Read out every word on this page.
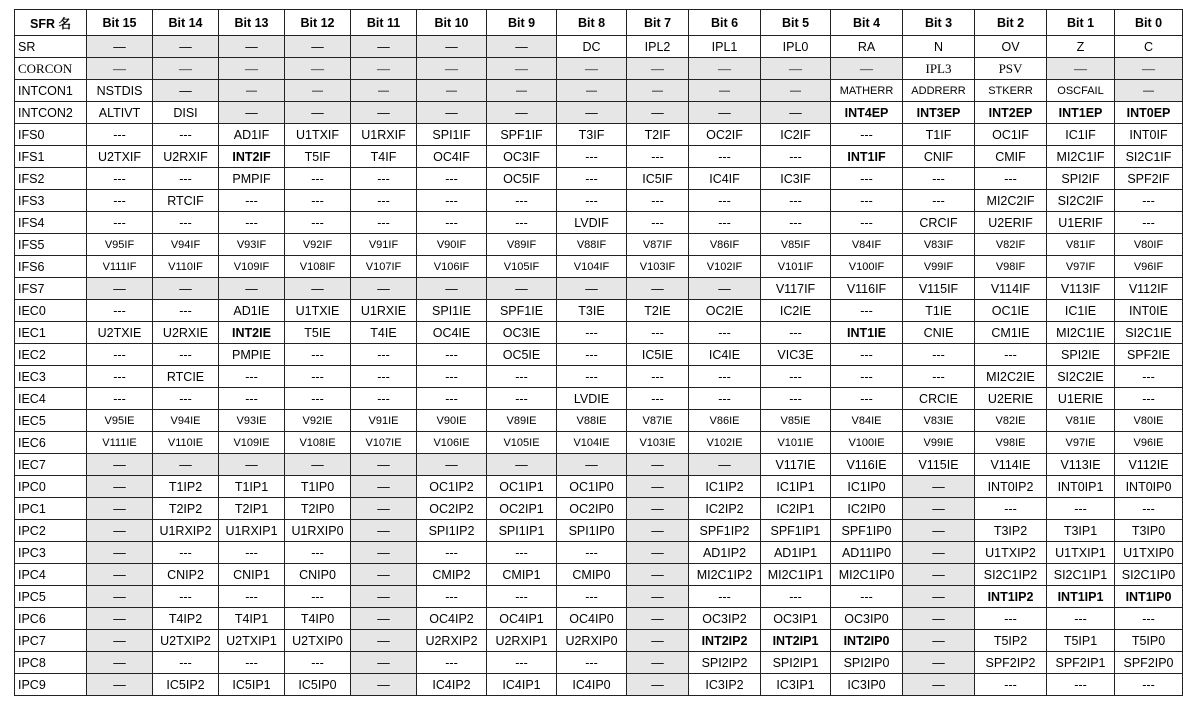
SFR 名	Bit 15	Bit 14	Bit 13	Bit 12	Bit 11	Bit 10	Bit 9	Bit 8	Bit 7	Bit 6	Bit 5	Bit 4	Bit 3	Bit 2	Bit 1	Bit 0
SR	—	—	—	—	—	—	—	DC	IPL2	IPL1	IPL0	RA	N	OV	Z	C
CORCON	—	—	—	—	—	—	—	—	—	—	—	—	IPL3	PSV	—	—
INTCON1	NSTDIS	—	—	—	—	—	—	—	—	—	—	MATHERR	ADDRERR	STKERR	OSCFAIL	—
INTCON2	ALTIVT	DISI	—	—	—	—	—	—	—	—	—	INT4EP	INT3EP	INT2EP	INT1EP	INT0EP
IFS0	---	---	AD1IF	U1TXIF	U1RXIF	SPI1IF	SPF1IF	T3IF	T2IF	OC2IF	IC2IF	---	T1IF	OC1IF	IC1IF	INT0IF
IFS1	U2TXIF	U2RXIF	INT2IF	T5IF	T4IF	OC4IF	OC3IF	---	---	---	---	INT1IF	CNIF	CMIF	MI2C1IF	SI2C1IF
IFS2	---	---	PMPIF	---	---	---	OC5IF	---	IC5IF	IC4IF	IC3IF	---	---	---	SPI2IF	SPF2IF
IFS3	---	RTCIF	---	---	---	---	---	---	---	---	---	---	---	MI2C2IF	SI2C2IF	---
IFS4	---	---	---	---	---	---	---	LVDIF	---	---	---	---	CRCIF	U2ERIF	U1ERIF	---
IFS5	V95IF	V94IF	V93IF	V92IF	V91IF	V90IF	V89IF	V88IF	V87IF	V86IF	V85IF	V84IF	V83IF	V82IF	V81IF	V80IF
IFS6	V111IF	V110IF	V109IF	V108IF	V107IF	V106IF	V105IF	V104IF	V103IF	V102IF	V101IF	V100IF	V99IF	V98IF	V97IF	V96IF
IFS7	—	—	—	—	—	—	—	—	—	—	V117IF	V116IF	V115IF	V114IF	V113IF	V112IF
IEC0	---	---	AD1IE	U1TXIE	U1RXIE	SPI1IE	SPF1IE	T3IE	T2IE	OC2IE	IC2IE	---	T1IE	OC1IE	IC1IE	INT0IE
IEC1	U2TXIE	U2RXIE	INT2IE	T5IE	T4IE	OC4IE	OC3IE	---	---	---	---	INT1IE	CNIE	CM1IE	MI2C1IE	SI2C1IE
IEC2	---	---	PMPIE	---	---	---	OC5IE	---	IC5IE	IC4IE	VIC3E	---	---	---	SPI2IE	SPF2IE
IEC3	---	RTCIE	---	---	---	---	---	---	---	---	---	---	---	MI2C2IE	SI2C2IE	---
IEC4	---	---	---	---	---	---	---	LVDIE	---	---	---	---	CRCIE	U2ERIE	U1ERIE	---
IEC5	V95IE	V94IE	V93IE	V92IE	V91IE	V90IE	V89IE	V88IE	V87IE	V86IE	V85IE	V84IE	V83IE	V82IE	V81IE	V80IE
IEC6	V111IE	V110IE	V109IE	V108IE	V107IE	V106IE	V105IE	V104IE	V103IE	V102IE	V101IE	V100IE	V99IE	V98IE	V97IE	V96IE
IEC7	—	—	—	—	—	—	—	—	—	—	V117IE	V116IE	V115IE	V114IE	V113IE	V112IE
IPC0	—	T1IP2	T1IP1	T1IP0	—	OC1IP2	OC1IP1	OC1IP0	—	IC1IP2	IC1IP1	IC1IP0	—	INT0IP2	INT0IP1	INT0IP0
IPC1	—	T2IP2	T2IP1	T2IP0	—	OC2IP2	OC2IP1	OC2IP0	—	IC2IP2	IC2IP1	IC2IP0	—	---	---	---
IPC2	—	U1RXIP2	U1RXIP1	U1RXIP0	—	SPI1IP2	SPI1IP1	SPI1IP0	—	SPF1IP2	SPF1IP1	SPF1IP0	—	T3IP2	T3IP1	T3IP0
IPC3	—	---	---	---	—	---	---	---	—	AD1IP2	AD1IP1	AD11IP0	—	U1TXIP2	U1TXIP1	U1TXIP0
IPC4	—	CNIP2	CNIP1	CNIP0	—	CMIP2	CMIP1	CMIP0	—	MI2C1IP2	MI2C1IP1	MI2C1IP0	—	SI2C1IP2	SI2C1IP1	SI2C1IP0
IPC5	—	---	---	---	—	---	---	---	—	---	---	---	—	INT1IP2	INT1IP1	INT1IP0
IPC6	—	T4IP2	T4IP1	T4IP0	—	OC4IP2	OC4IP1	OC4IP0	—	OC3IP2	OC3IP1	OC3IP0	—	---	---	---
IPC7	—	U2TXIP2	U2TXIP1	U2TXIP0	—	U2RXIP2	U2RXIP1	U2RXIP0	—	INT2IP2	INT2IP1	INT2IP0	—	T5IP2	T5IP1	T5IP0
IPC8	—	---	---	---	—	---	---	---	—	SPI2IP2	SPI2IP1	SPI2IP0	—	SPF2IP2	SPF2IP1	SPF2IP0
IPC9	—	IC5IP2	IC5IP1	IC5IP0	—	IC4IP2	IC4IP1	IC4IP0	—	IC3IP2	IC3IP1	IC3IP0	—	---	---	---
